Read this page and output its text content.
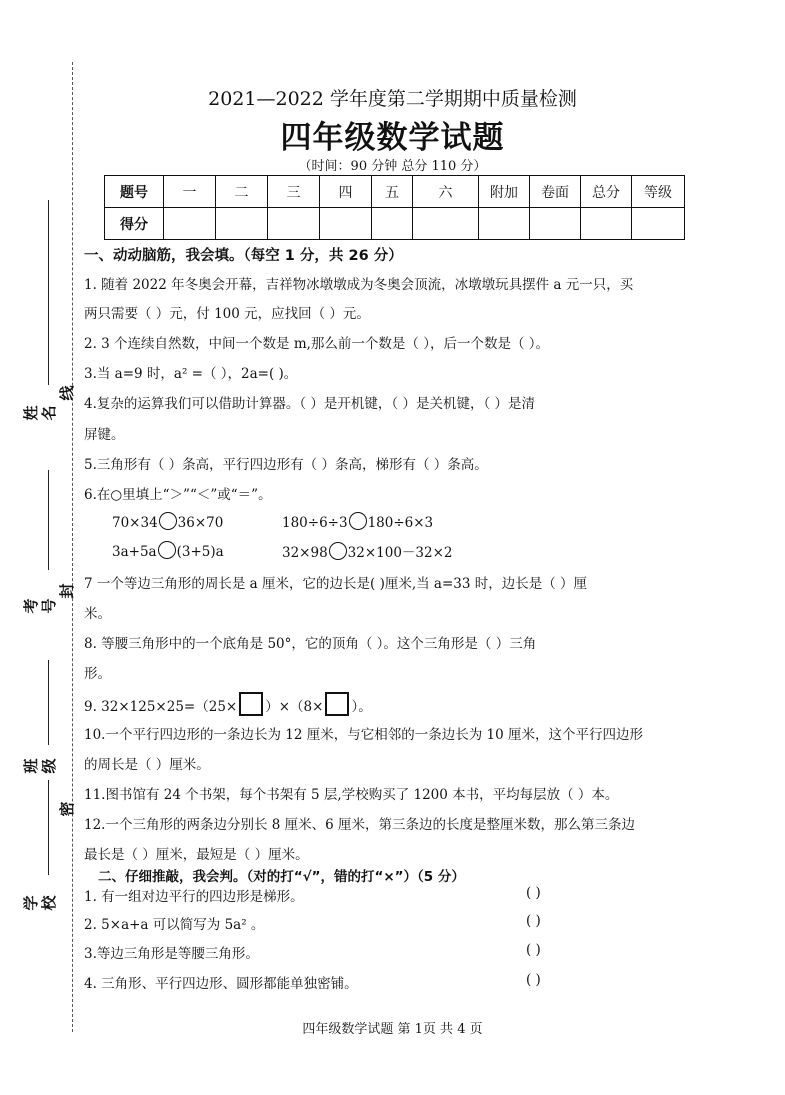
姓名
考号
班级
学校
线
封
密
2021—2022 学年度第二学期期中质量检测
四年级数学试题
（时间：90 分钟 总分 110 分）
题号	一	二	三	四	五	六	附加	卷面	总分	等级
得分										
一、动动脑筋，我会填。（每空 1 分，共 26 分）
1. 随着 2022 年冬奥会开幕，吉祥物冰墩墩成为冬奥会顶流，冰墩墩玩具摆件 a 元一只，买
两只需要（ ）元，付 100 元，应找回（ ）元。
2. 3 个连续自然数，中间一个数是 m,那么前一个数是（ ），后一个数是（ ）。
3.当 a=9 时，a² =（ ），2a=( )。
4.复杂的运算我们可以借助计算器。（ ）是开机键，（ ）是关机键，（ ）是清
屏键。
5.三角形有（ ）条高，平行四边形有（ ）条高，梯形有（ ）条高。
6.在○里填上“＞”“＜”或“＝”。
70×34 36×70	180÷6÷3 180÷6×3
3a+5a (3+5)a	32×98 32×100－32×2
7 一个等边三角形的周长是 a 厘米，它的边长是( )厘米,当 a=33 时，边长是（ ）厘
米。
8. 等腰三角形中的一个底角是 50°，它的顶角（ ）。这个三角形是（ ）三角
形。
9. 32×125×25=（25× ）×（8× ）。
10.一个平行四边形的一条边长为 12 厘米，与它相邻的一条边长为 10 厘米，这个平行四边形
的周长是（ ）厘米。
11.图书馆有 24 个书架，每个书架有 5 层,学校购买了 1200 本书，平均每层放（ ）本。
12.一个三角形的两条边分别长 8 厘米、6 厘米，第三条边的长度是整厘米数，那么第三条边
最长是（ ）厘米，最短是（ ）厘米。
二、仔细推敲，我会判。（对的打“√”，错的打“×”）（5 分）
1. 有一组对边平行的四边形是梯形。	( )
2. 5×a+a 可以简写为 5a² 。	( )
3.等边三角形是等腰三角形。	( )
4. 三角形、平行四边形、圆形都能单独密铺。	( )
四年级数学试题 第 1页 共 4 页
